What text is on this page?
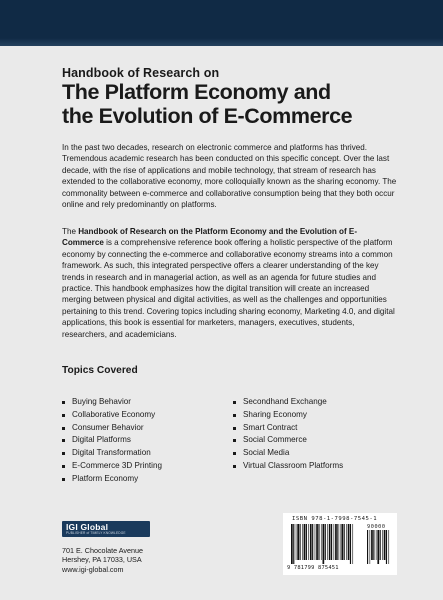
Handbook of Research on
The Platform Economy and
the Evolution of E-Commerce

In the past two decades, research on electronic commerce and platforms has thrived. Tremendous academic research has been conducted on this specific concept. Over the last decade, with the rise of applications and mobile technology, that stream of research has extended to the collaborative economy, more colloquially known as the sharing economy. The commonality between e-commerce and collaborative consumption being that they both occur online and rely predominantly on platforms.

The Handbook of Research on the Platform Economy and the Evolution of E-Commerce is a comprehensive reference book offering a holistic perspective of the platform economy by connecting the e-commerce and collaborative economy streams into a common framework. As such, this integrated perspective offers a clearer understanding of the key trends in research and in managerial action, as well as an agenda for future studies and practice. This handbook emphasizes how the digital transition will create an increased merging between physical and digital activities, as well as the challenges and opportunities pertaining to this trend. Covering topics including sharing economy, Marketing 4.0, and digital applications, this book is essential for marketers, managers, executives, students, researchers, and academicians.

Topics Covered
Buying Behavior
Collaborative Economy
Consumer Behavior
Digital Platforms
Digital Transformation
E-Commerce 3D Printing
Platform Economy
Secondhand Exchange
Sharing Economy
Smart Contract
Social Commerce
Social Media
Virtual Classroom Platforms
IGI Global
PUBLISHER of TIMELY KNOWLEDGE
701 E. Chocolate Avenue
Hershey, PA 17033, USA
www.igi-global.com
ISBN 978-1-7998-7545-1
90000
9 781799 875451
